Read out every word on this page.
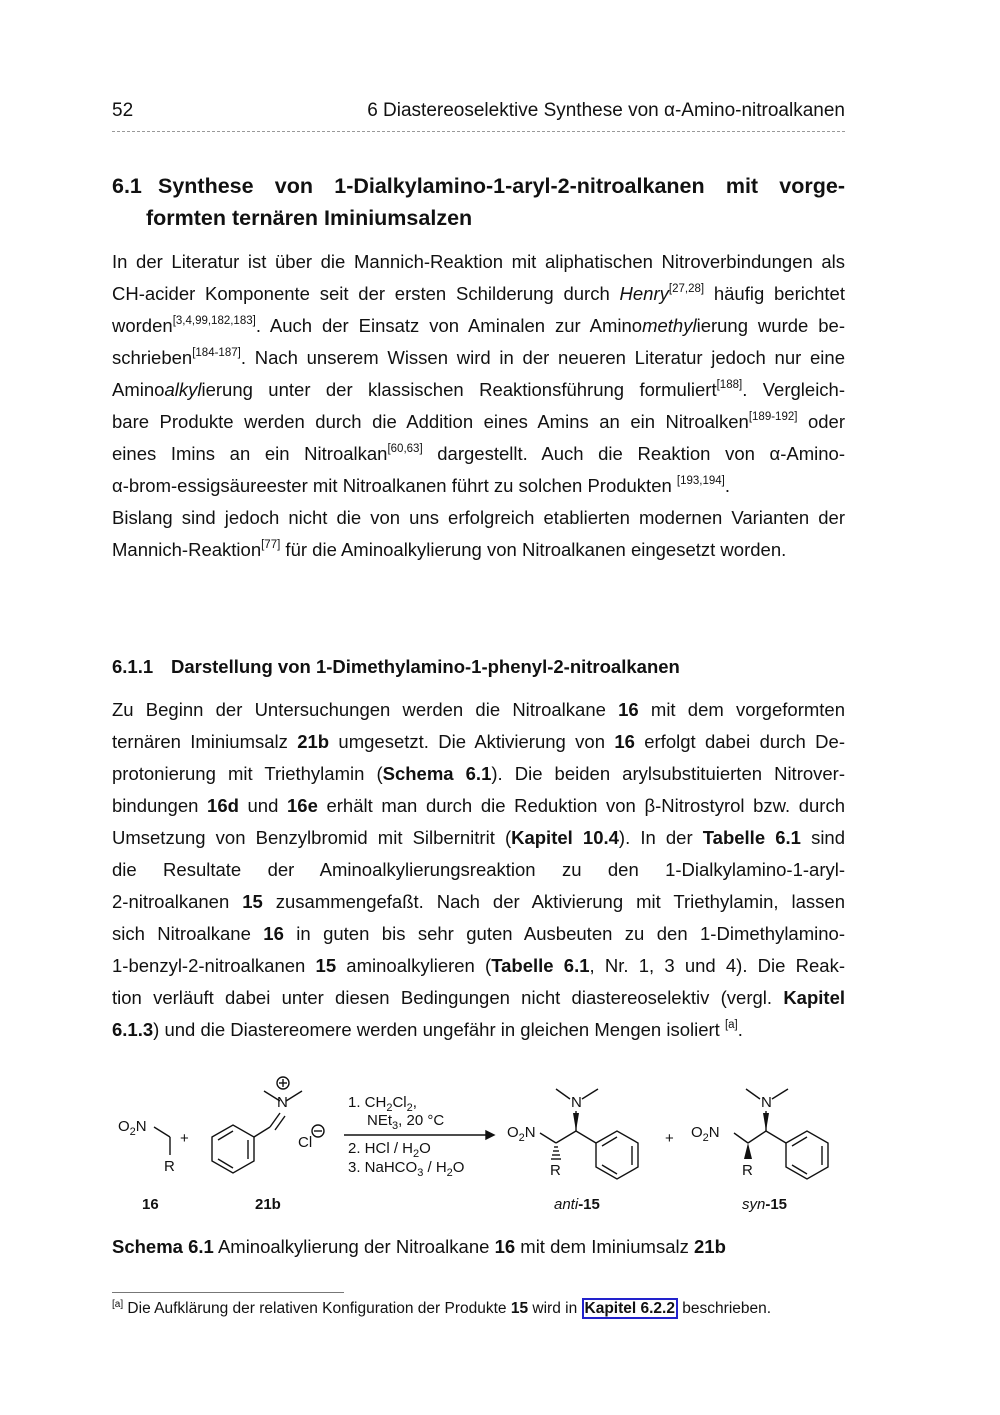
52	6 Diastereoselektive Synthese von α-Amino-nitroalkanen
6.1 Synthese von 1-Dialkylamino-1-aryl-2-nitroalkanen mit vorge-
formten ternären Iminiumsalzen
In der Literatur ist über die Mannich-Reaktion mit aliphatischen Nitroverbindungen als
CH-acider Komponente seit der ersten Schilderung durch Henry[27,28] häufig berichtet
worden[3,4,99,182,183]. Auch der Einsatz von Aminalen zur Aminomethylierung wurde be-
schrieben[184-187]. Nach unserem Wissen wird in der neueren Literatur jedoch nur eine
Aminoalkylierung unter der klassischen Reaktionsführung formuliert[188]. Vergleich-
bare Produkte werden durch die Addition eines Amins an ein Nitroalken[189-192] oder
eines Imins an ein Nitroalkan[60,63] dargestellt. Auch die Reaktion von α-Amino-
α-brom-essigsäureester mit Nitroalkanen führt zu solchen Produkten [193,194].
Bislang sind jedoch nicht die von uns erfolgreich etablierten modernen Varianten der
Mannich-Reaktion[77] für die Aminoalkylierung von Nitroalkanen eingesetzt worden.
6.1.1 Darstellung von 1-Dimethylamino-1-phenyl-2-nitroalkanen
Zu Beginn der Untersuchungen werden die Nitroalkane 16 mit dem vorgeformten
ternären Iminiumsalz 21b umgesetzt. Die Aktivierung von 16 erfolgt dabei durch De-
protonierung mit Triethylamin (Schema 6.1). Die beiden arylsubstituierten Nitrover-
bindungen 16d und 16e erhält man durch die Reduktion von β-Nitrostyrol bzw. durch
Umsetzung von Benzylbromid mit Silbernitrit (Kapitel 10.4). In der Tabelle 6.1 sind
die Resultate der Aminoalkylierungsreaktion zu den 1-Dialkylamino-1-aryl-
2-nitroalkanen 15 zusammengefaßt. Nach der Aktivierung mit Triethylamin, lassen
sich Nitroalkane 16 in guten bis sehr guten Ausbeuten zu den 1-Dimethylamino-
1-benzyl-2-nitroalkanen 15 aminoalkylieren (Tabelle 6.1, Nr. 1, 3 und 4). Die Reak-
tion verläuft dabei unter diesen Bedingungen nicht diastereoselektiv (vergl. Kapitel
6.1.3) und die Diastereomere werden ungefähr in gleichen Mengen isoliert [a].
$O_2N$
R
+
N
Cl
1. $CH_2Cl_2$,
NEt$_3$, 20 °C
2. HCl / $H_2O$
3. NaHCO$_3$ / $H_2O$
$O_2N$
N
R
+ $O_2N$
N
R
16	21b	anti-15	syn-15
Schema 6.1 Aminoalkylierung der Nitroalkane 16 mit dem Iminiumsalz 21b
[a] Die Aufklärung der relativen Konfiguration der Produkte 15 wird in Kapitel 6.2.2 beschrieben.
